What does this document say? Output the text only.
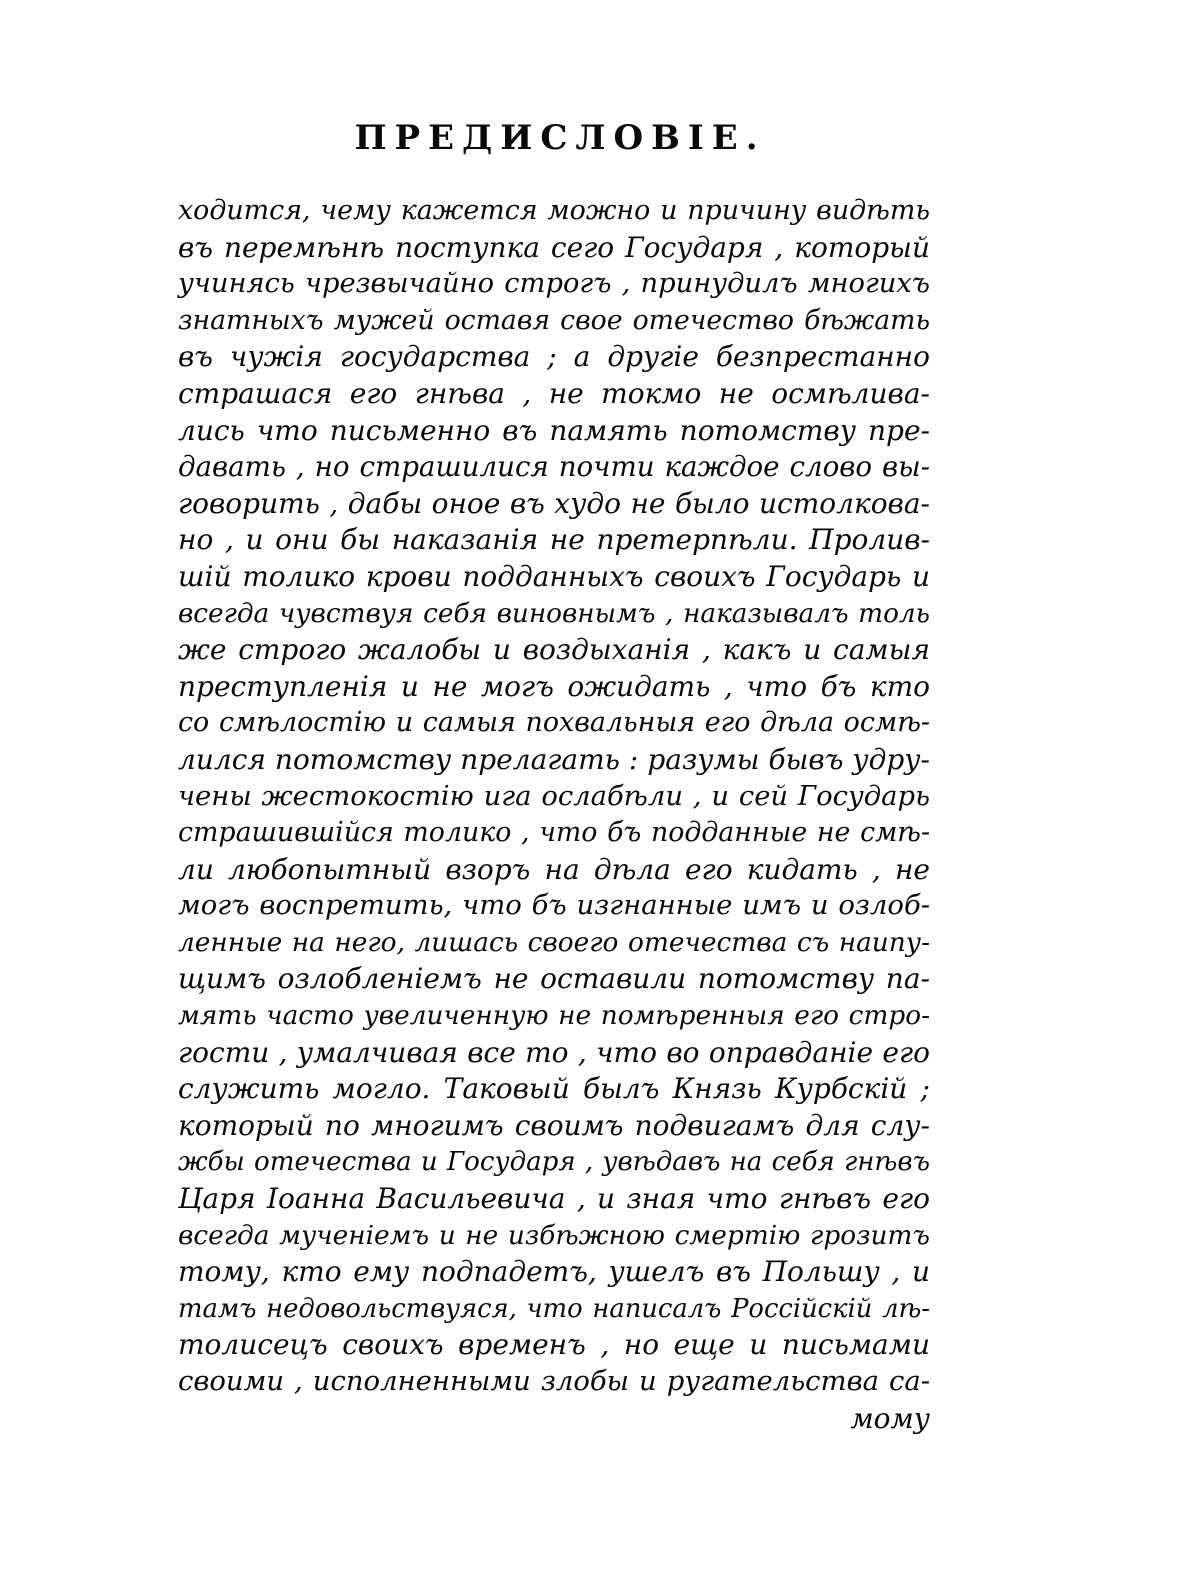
ПРЕДИСЛОВІЕ.
ходится, чему кажется можно и причину видѣть
въ перемѣнѣ поступка сего Государя , который
учинясь чрезвычайно строгъ , принудилъ многихъ
знатныхъ мужей оставя свое отечество бѣжать
въ чужія государства ; а другіе безпрестанно
страшася его гнѣва , не токмо не осмѣлива-
лись что письменно въ память потомству пре-
давать , но страшилися почти каждое слово вы-
говорить , дабы оное въ худо не было истолкова-
но , и они бы наказанія не претерпѣли. Пролив-
шій толико крови подданныхъ своихъ Государь и
всегда чувствуя себя виновнымъ , наказывалъ толь
же строго жалобы и воздыханія , какъ и самыя
преступленія и не могъ ожидать , что бъ кто
со смѣлостію и самыя похвальныя его дѣла осмѣ-
лился потомству прелагать : разумы бывъ удру-
чены жестокостію ига ослабѣли , и сей Государь
страшившійся толико , что бъ подданные не смѣ-
ли любопытный взоръ на дѣла его кидать , не
могъ воспретить, что бъ изгнанные имъ и озлоб-
ленные на него, лишась своего отечества съ наипу-
щимъ озлобленіемъ не оставили потомству па-
мять часто увеличенную не помѣренныя его стро-
гости , умалчивая все то , что во оправданіе его
служить могло. Таковый былъ Князь Курбскій ;
который по многимъ своимъ подвигамъ для слу-
жбы отечества и Государя , увѣдавъ на себя гнѣвъ
Царя Іоанна Васильевича , и зная что гнѣвъ его
всегда мученіемъ и не избѣжною смертію грозитъ
тому, кто ему подпадетъ, ушелъ въ Польшу , и
тамъ недовольствуяся, что написалъ Россійскій лѣ-
толисецъ своихъ временъ , но еще и письмами
своими , исполненными злобы и ругательства са-
мому
